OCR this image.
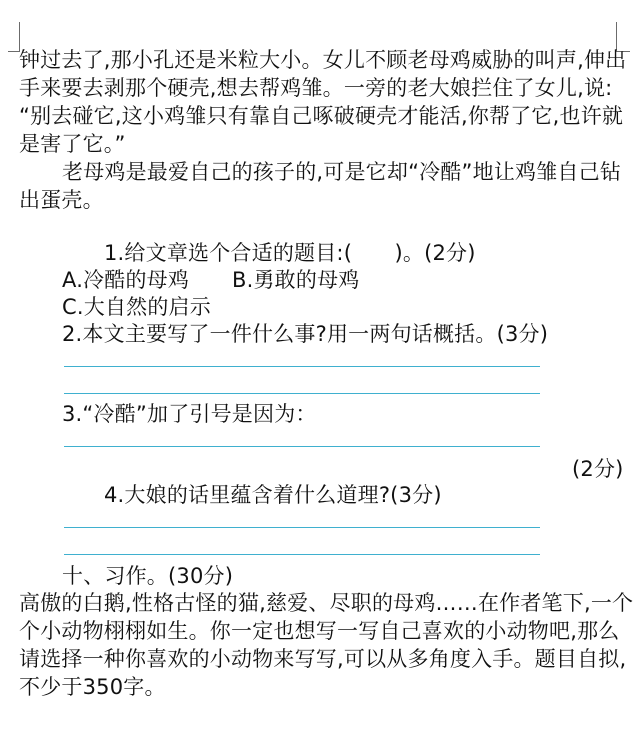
钟过去了,那小孔还是米粒大小。女儿不顾老母鸡威胁的叫声,伸出
手来要去剥那个硬壳,想去帮鸡雏。一旁的老大娘拦住了女儿,说:
“别去碰它,这小鸡雏只有靠自己啄破硬壳才能活,你帮了它,也许就
是害了它。”
老母鸡是最爱自己的孩子的,可是它却“冷酷”地让鸡雏自己钻
出蛋壳。
1.给文章选个合适的题目:(　　)。(2分)
A.冷酷的母鸡 B.勇敢的母鸡
C.大自然的启示
2.本文主要写了一件什么事?用一两句话概括。(3分)
3.“冷酷”加了引号是因为：
(2分)
4.大娘的话里蕴含着什么道理?(3分)
十、习作。(30分)
高傲的白鹅,性格古怪的猫,慈爱、尽职的母鸡……在作者笔下,一个
个小动物栩栩如生。你一定也想写一写自己喜欢的小动物吧,那么
请选择一种你喜欢的小动物来写写,可以从多角度入手。题目自拟,
不少于350字。
